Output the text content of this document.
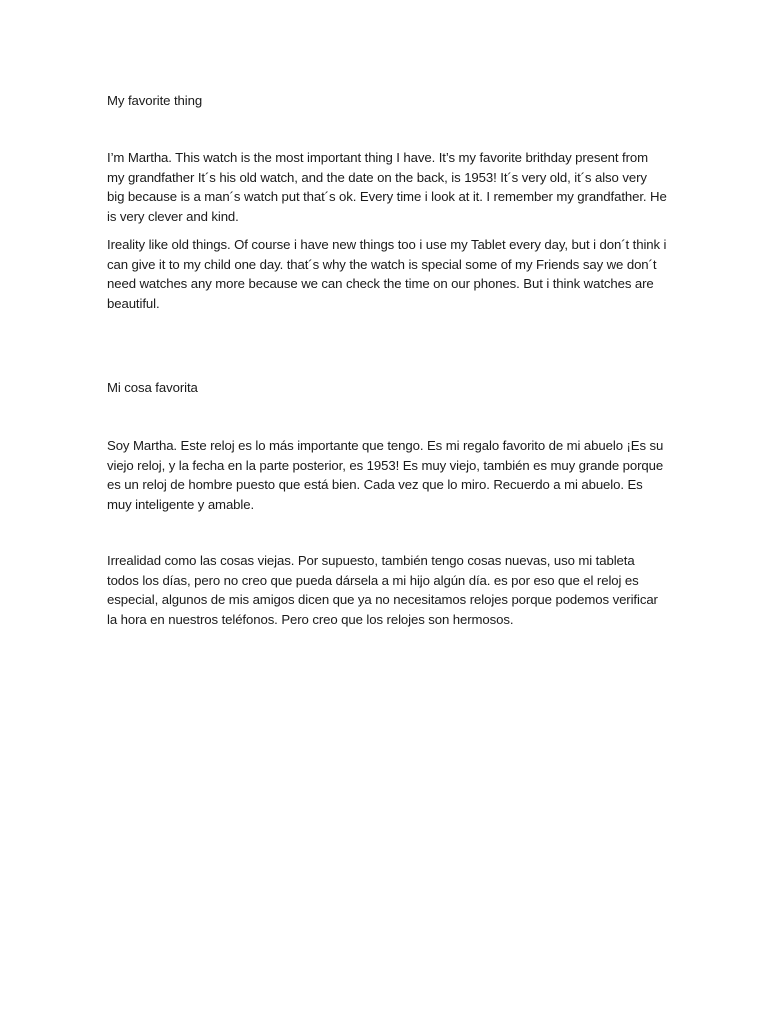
My favorite thing

I’m Martha. This watch is the most important thing I have. It’s my favorite brithday present from my grandfather It´s his old watch, and the date on the back, is 1953! It´s very old, it´s also very big because is a man´s watch put that´s ok. Every time i look at it. I remember my grandfather. He is very clever and kind.

Ireality like old things. Of course i have new things too i use my Tablet every day, but i don´t think i can give it to my child one day. that´s why the watch is special some of my Friends say we don´t need watches any more because we can check the time on our phones. But i think watches are beautiful.

Mi cosa favorita

Soy Martha. Este reloj es lo más importante que tengo. Es mi regalo favorito de mi abuelo ¡Es su viejo reloj, y la fecha en la parte posterior, es 1953! Es muy viejo, también es muy grande porque es un reloj de hombre puesto que está bien. Cada vez que lo miro. Recuerdo a mi abuelo. Es muy inteligente y amable.

Irrealidad como las cosas viejas. Por supuesto, también tengo cosas nuevas, uso mi tableta todos los días, pero no creo que pueda dársela a mi hijo algún día. es por eso que el reloj es especial, algunos de mis amigos dicen que ya no necesitamos relojes porque podemos verificar la hora en nuestros teléfonos. Pero creo que los relojes son hermosos.
